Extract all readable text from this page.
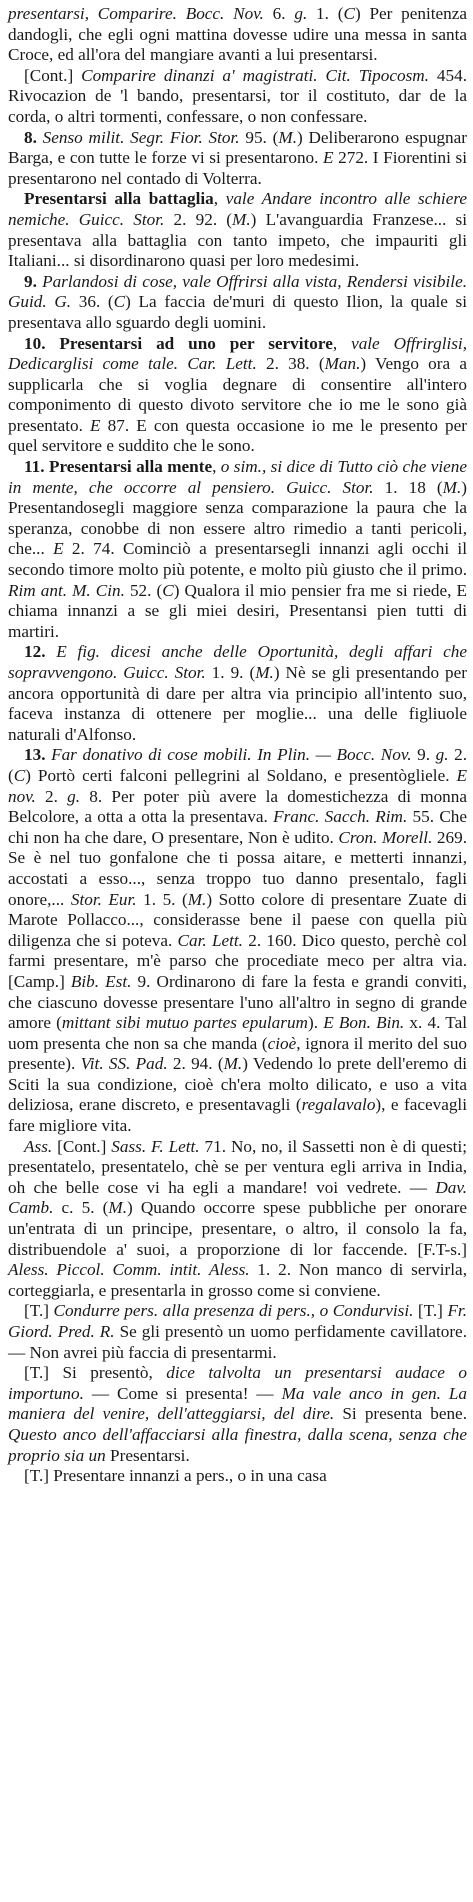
presentarsi, Comparire. Bocc. Nov. 6. g. 1. (C) Per penitenza dandogli, che egli ogni mattina dovesse udire una messa in santa Croce, ed all'ora del mangiare avanti a lui presentarsi.

[Cont.] Comparire dinanzi a' magistrati. Cit. Tipocosm. 454. Rivocazion de 'l bando, presentarsi, tor il costituto, dar de la corda, o altri tormenti, confessare, o non confessare.

8. Senso milit. Segr. Fior. Stor. 95. (M.) Deliberarono espugnar Barga, e con tutte le forze vi si presentarono. E 272. I Fiorentini si presentarono nel contado di Volterra.

Presentarsi alla battaglia, vale Andare incontro alle schiere nemiche. Guicc. Stor. 2. 92. (M.) L'avanguardia Franzese... si presentava alla battaglia con tanto impeto, che impauriti gli Italiani... si disordinarono quasi per loro medesimi.

9. Parlandosi di cose, vale Offrirsi alla vista, Rendersi visibile. Guid. G. 36. (C) La faccia de'muri di questo Ilion, la quale si presentava allo sguardo degli uomini.

10. Presentarsi ad uno per servitore, vale Offrirglisi, Dedicarglisi come tale. Car. Lett. 2. 38. (Man.) Vengo ora a supplicarla che si voglia degnare di consentire all'intero componimento di questo divoto servitore che io me le sono già presentato. E 87. E con questa occasione io me le presento per quel servitore e suddito che le sono.

11. Presentarsi alla mente, o sim., si dice di Tutto ciò che viene in mente, che occorre al pensiero. Guicc. Stor. 1. 18 (M.) Presentandosegli maggiore senza comparazione la paura che la speranza, conobbe di non essere altro rimedio a tanti pericoli, che... E 2. 74. Cominciò a presentarsegli innanzi agli occhi il secondo timore molto più potente, e molto più giusto che il primo. Rim ant. M. Cin. 52. (C) Qualora il mio pensier fra me si riede, E chiama innanzi a se gli miei desiri, Presentansi pien tutti di martiri.

12. E fig. dicesi anche delle Oportunità, degli affari che sopravvengono. Guicc. Stor. 1. 9. (M.) Nè se gli presentando per ancora opportunità di dare per altra via principio all'intento suo, faceva instanza di ottenere per moglie... una delle figliuole naturali d'Alfonso.

13. Far donativo di cose mobili. In Plin. — Bocc. Nov. 9. g. 2. (C) Portò certi falconi pellegrini al Soldano, e presentògliele. E nov. 2. g. 8. Per poter più avere la domestichezza di monna Belcolore, a otta a otta la presentava. Franc. Sacch. Rim. 55. Che chi non ha che dare, O presentare, Non è udito. Cron. Morell. 269. Se è nel tuo gonfalone che ti possa aitare, e metterti innanzi, accostati a esso..., senza troppo tuo danno presentalo, fagli onore,... Stor. Eur. 1. 5. (M.) Sotto colore di presentare Zuate di Marote Pollacco..., considerasse bene il paese con quella più diligenza che si poteva. Car. Lett. 2. 160. Dico questo, perchè col farmi presentare, m'è parso che procediate meco per altra via. [Camp.] Bib. Est. 9. Ordinarono di fare la festa e grandi conviti, che ciascuno dovesse presentare l'uno all'altro in segno di grande amore (mittant sibi mutuo partes epularum). E Bon. Bin. x. 4. Tal uom presenta che non sa che manda (cioè, ignora il merito del suo presente). Vit. SS. Pad. 2. 94. (M.) Vedendo lo prete dell'eremo di Sciti la sua condizione, cioè ch'era molto dilicato, e uso a vita deliziosa, erane discreto, e presentavagli (regalavalo), e facevagli fare migliore vita.

Ass. [Cont.] Sass. F. Lett. 71. No, no, il Sassetti non è di questi; presentatelo, presentatelo, chè se per ventura egli arriva in India, oh che belle cose vi ha egli a mandare! voi vedrete. — Dav. Camb. c. 5. (M.) Quando occorre spese pubbliche per onorare un'entrata di un principe, presentare, o altro, il consolo la fa, distribuendole a' suoi, a proporzione di lor faccende. [F.T-s.] Aless. Piccol. Comm. intit. Aless. 1. 2. Non manco di servirla, corteggiarla, e presentarla in grosso come si conviene.

[T.] Condurre pers. alla presenza di pers., o Condurvisi. [T.] Fr. Giord. Pred. R. Se gli presentò un uomo perfidamente cavillatore. — Non avrei più faccia di presentarmi.

[T.] Si presentò, dice talvolta un presentarsi audace o importuno. — Come si presenta! — Ma vale anco in gen. La maniera del venire, dell'atteggiarsi, del dire. Si presenta bene. Questo anco dell'affacciarsi alla finestra, dalla scena, senza che proprio sia un Presentarsi.

[T.] Presentare innanzi a pers., o in una casa
